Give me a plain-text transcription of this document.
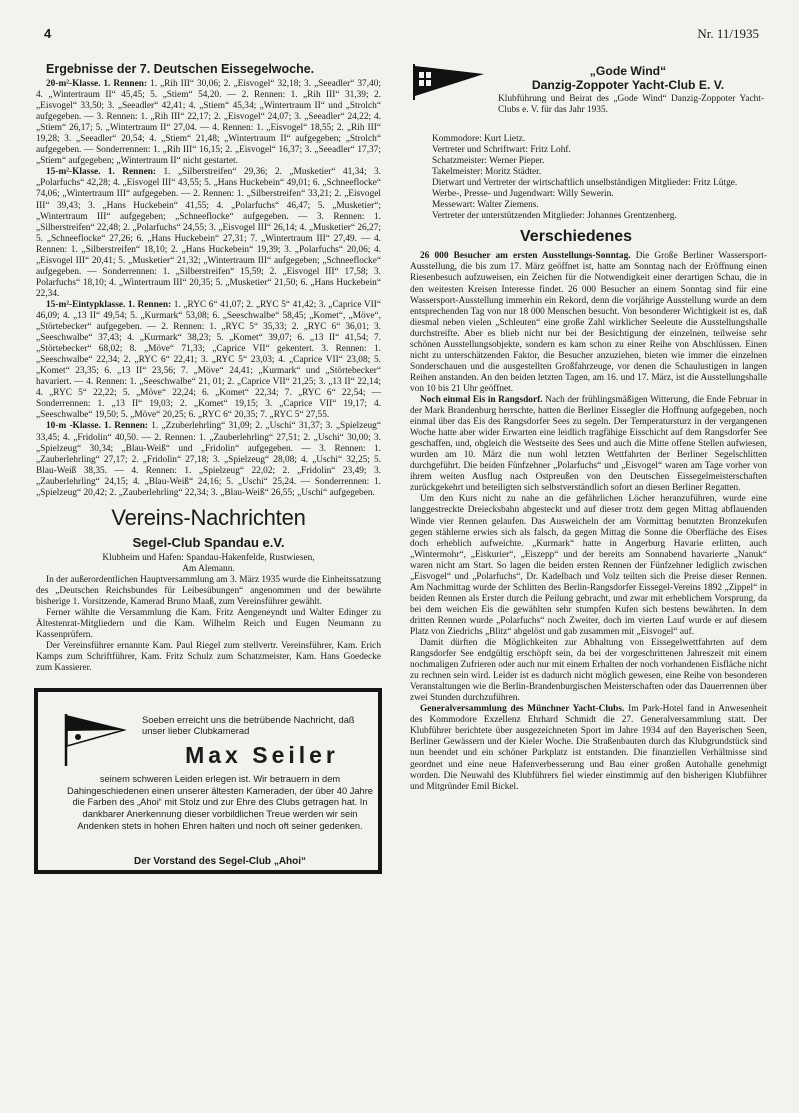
4	Nr. 11/1935
Ergebnisse der 7. Deutschen Eissegelwoche.

20-m²-Klasse. 1. Rennen: 1. „Rih III“ 30,06; 2. „Eisvogel“ 32,18; 3. „Seeadler“ 37,40; 4. „Wintertraum II“ 45,45; 5. „Stiem“ 54,20. — 2. Rennen: 1. „Rih III“ 31,39; 2. „Eisvogel“ 33,50; 3. „Seeadler“ 42,41; 4. „Stiem“ 45,34; „Wintertraum II“ und „Strolch“ aufgegeben. — 3. Rennen: 1. „Rih III“ 22,17; 2. „Eisvogel“ 24,07; 3. „Seeadler“ 24,22; 4. „Stiem“ 26,17; 5. „Wintertraum II“ 27,04. — 4. Rennen: 1. „Eisvogel“ 18,55; 2. „Rih III“ 19,28; 3. „Seeadler“ 20,54; 4. „Stiem“ 21,48; „Wintertraum II“ aufgegeben; „Strolch“ aufgegeben. — Sonderrennen: 1. „Rih III“ 16,15; 2. „Eisvogel“ 16,37; 3. „Seeadler“ 17,37; „Stiem“ aufgegeben; „Wintertraum II“ nicht gestartet.

15-m²-Klasse. 1. Rennen: 1. „Silberstreifen“ 29,36; 2. „Musketier“ 41,34; 3. „Polarfuchs“ 42,28; 4. „Eisvogel III“ 43,55; 5. „Hans Huckebein“ 49,01; 6. „Schneeflocke“ 74,06; „Wintertraum III“ aufgegeben. — 2. Rennen: 1. „Silberstreifen“ 33,21; 2. „Eisvogel III“ 39,43; 3. „Hans Huckebein“ 41,55; 4. „Polarfuchs“ 46,47; 5. „Musketier“; „Wintertraum III“ aufgegeben; „Schneeflocke“ aufgegeben. — 3. Rennen: 1. „Silberstreifen“ 22,48; 2. „Polarfuchs“ 24,55; 3. „Eisvogel III“ 26,14; 4. „Musketier“ 26,27; 5. „Schneeflocke“ 27,26; 6. „Hans Huckebein“ 27,31; 7. „Wintertraum III“ 27,49. — 4. Rennen: 1. „Silberstreifen“ 18,10; 2. „Hans Huckebein“ 19,39; 3. „Polarfuchs“ 20,06; 4. „Eisvogel III“ 20,41; 5. „Musketier“ 21,32; „Wintertraum III“ aufgegeben; „Schneeflocke“ aufgegeben. — Sonderrennen: 1. „Silberstreifen“ 15,59; 2. „Eisvogel III“ 17,58; 3. Polarfuchs“ 18,10; 4. „Wintertraum III“ 20,35; 5. „Musketier“ 21,50; 6. „Hans Huckebein“ 22,34.

15-m²-Eintypklasse. 1. Rennen: 1. „RYC 6“ 41,07; 2. „RYC 5“ 41,42; 3. „Caprice VII“ 46,09; 4. „13 II“ 49,54; 5. „Kurmark“ 53,08; 6. „Seeschwalbe“ 58,45; „Komet“, „Möve“, „Störtebecker“ aufgegeben. — 2. Rennen: 1. „RYC 5“ 35,33; 2. „RYC 6“ 36,01; 3. „Seeschwalbe“ 37,43; 4. „Kurmark“ 38,23; 5. „Komet“ 39,07; 6. „13 II“ 41,54; 7. „Störtebecker“ 68,02; 8. „Möve“ 71,33; „Caprice VII“ gekentert. 3. Rennen: 1. „Seeschwalbe“ 22,34; 2. „RYC 6“ 22,41; 3. „RYC 5“ 23,03; 4. „Caprice VII“ 23,08; 5. „Komet“ 23,35; 6. „13 II“ 23,56; 7. „Möve“ 24,41; „Kurmark“ und „Störtebecker“ havariert. — 4. Rennen: 1. „Seeschwalbe“ 21, 01; 2. „Caprice VII“ 21,25; 3. „13 II“ 22,14; 4. „RYC 5“ 22,22; 5. „Möve“ 22,24; 6. „Komet“ 22,34; 7. „RYC 6“ 22,54; — Sonderrennen: 1. „13 II“ 19,03; 2. „Komet“ 19,15; 3. „Caprice VII“ 19,17; 4. „Seeschwalbe“ 19,50; 5. „Möve“ 20,25; 6. „RYC 6“ 20,35; 7. „RYC 5“ 27,55.

10-m -Klasse. 1. Rennen: 1. „Zzuberlehrling“ 31,09; 2. „Uschi“ 31,37; 3. „Spielzeug“ 33,45; 4. „Fridolin“ 40,50. — 2. Rennen: 1. „Zauberlehrling“ 27,51; 2. „Uschi“ 30,00; 3. „Spielzeug“ 30,34; „Blau-Weiß“ und „Fridolin“ aufgegeben. — 3. Rennen: 1. „Zauberlehrling“ 27,17; 2. „Fridolin“ 27,18; 3. „Spielzeug“ 28,08; 4. „Uschi“ 32,25; 5. Blau-Weiß 38,35. — 4. Rennen: 1. „Spielzeug“ 22,02; 2. „Fridolin“ 23,49; 3. „Zauberlehrling“ 24,15; 4. „Blau-Weiß“ 24,16; 5. „Uschi“ 25,24. — Sonderrennen: 1. „Spielzeug“ 20,42; 2. „Zauberlehrling“ 22,34; 3. „Blau-Weiß“ 26,55; „Uschi“ aufgegeben.

Vereins-Nachrichten
Segel-Club Spandau e.V.

Klubheim und Hafen: Spandau-Hakenfelde, Rustwiesen,

Am Alemann.

In der außerordentlichen Hauptversammlung am 3. März 1935 wurde die Einheitssatzung des „Deutschen Reichsbundes für Leibesübungen“ angenommen und der bewährte bisherige 1. Vorsitzende, Kamerad Bruno Maaß, zum Vereinsführer gewählt.

Ferner wählte die Versammlung die Kam. Fritz Aengeneyndt und Walter Edinger zu Ältestenrat-Mitgliedern und die Kam. Wilhelm Reich und Eugen Neumann zu Kassenprüfern.

Der Vereinsführer ernannte Kam. Paul Riegel zum stellvertr. Vereinsführer, Kam. Erich Kamps zum Schriftführer, Kam. Fritz Schulz zum Schatzmeister, Kam. Hans Goedecke zum Kassierer.

Soeben erreicht uns die betrübende Nachricht, daß unser lieber Clubkamerad
Max Seiler
seinem schweren Leiden erlegen ist. Wir betrauern in dem Dahingeschiedenen einen unserer ältesten Kameraden, der über 40 Jahre die Farben des „Ahoi“ mit Stolz und zur Ehre des Clubs getragen hat. In dankbarer Anerkennung dieser vorbildlichen Treue werden wir sein Andenken stets in hohen Ehren halten und noch oft seiner gedenken.
Der Vorstand des Segel-Club „Ahoi“
„Gode Wind“
Danzig-Zoppoter Yacht-Club E. V.

Klubführung und Beirat des „Gode Wind“ Danzig-Zoppoter Yacht-Clubs e. V. für das Jahr 1935.

Kommodore: Kurt Lietz.

Vertreter und Schriftwart: Fritz Lohf.

Schatzmeister: Werner Pieper.

Takelmeister: Moritz Städter.

Dietwart und Vertreter der wirtschaftlich unselbständigen Mitglieder: Fritz Lütge.

Werbe-, Presse- und Jugendwart: Willy Sewerin.

Messewart: Walter Ziemens.

Vertreter der unterstützenden Mitglieder: Johannes Grentzenberg.

Verschiedenes

26 000 Besucher am ersten Ausstellungs-Sonntag. Die Große Berliner Wassersport-Ausstellung, die bis zum 17. März geöffnet ist, hatte am Sonntag nach der Eröffnung einen Riesenbesuch aufzuweisen, ein Zeichen für die Notwendigkeit einer derartigen Schau, die in den weitesten Kreisen Interesse findet. 26 000 Besucher an einem Sonntag sind für eine Wassersport-Ausstellung immerhin ein Rekord, denn die vorjährige Ausstellung wurde an dem entsprechenden Tag von nur 18 000 Menschen besucht. Von besonderer Wichtigkeit ist es, daß diesmal neben vielen „Schleuten“ eine große Zahl wirklicher Seeleute die Ausstellungshalle durchstreifte. Aber es blieb nicht nur bei der Besichtigung der einzelnen, teilweise sehr schönen Ausstellungsobjekte, sondern es kam schon zu einer Reihe von Abschlüssen. Einen nicht zu unterschätzenden Faktor, die Besucher anzuziehen, bieten wie immer die einzelnen Sonderschauen und die ausgestellten Großfahrzeuge, vor denen die Schaulustigen in langen Reihen anstanden. An den beiden letzten Tagen, am 16. und 17. März, ist die Ausstellungshalle von 10 bis 21 Uhr geöffnet.

Noch einmal Eis in Rangsdorf. Nach der frühlingsmäßigen Witterung, die Ende Februar in der Mark Brandenburg herrschte, hatten die Berliner Eissegler die Hoffnung aufgegeben, noch einmal über das Eis des Rangsdorfer Sees zu segeln. Der Temperatursturz in der vergangenen Woche hatte aber wider Erwarten eine leidlich tragfähige Eisschicht auf dem Rangsdorfer See geschaffen, und, obgleich die Westseite des Sees und auch die Mitte offene Stellen aufwiesen, wurden am 10. März die nun wohl letzten Wettfahrten der Berliner Segelschlitten durchgeführt. Die beiden Fünfzehner „Polarfuchs“ und „Eisvogel“ waren am Tage vorher von ihrem weiten Ausflug nach Ostpreußen von den Deutschen Eissegelmeisterschaften zurückgekehrt und beteiligten sich selbstverständlich sofort an diesen Berliner Regatten.

Um den Kurs nicht zu nahe an die gefährlichen Löcher heranzuführen, wurde eine langgestreckte Dreiecksbahn abgesteckt und auf dieser trotz dem gegen Mittag abflauenden Winde vier Rennen gelaufen. Das Ausweicheln der am Vormittag benutzten Bronzekufen gegen stählerne erwies sich als falsch, da gegen Mittag die Sonne die Oberfläche des Eises doch erheblich aufweichte. „Kurmark“ hatte in Angerburg Havarie erlitten, auch „Wintermohr“, „Eiskurier“, „Eiszepp“ und der bereits am Sonnabend havarierte „Nanuk“ waren nicht am Start. So lagen die beiden ersten Rennen der Fünfzehner lediglich zwischen „Eisvogel“ und „Polarfuchs“, Dr. Kadelbach und Volz teilten sich die Preise dieser Rennen. Am Nachmittag wurde der Schlitten des Berlin-Rangsdorfer Eissegel-Vereins 1892 „Zippel“ in beiden Rennen als Erster durch die Peilung gebracht, und zwar mit erheblichem Vorsprung, da bei dem weichen Eis die gewählten sehr stumpfen Kufen sich bestens bewährten. In dem dritten Rennen wurde „Polarfuchs“ noch Zweiter, doch im vierten Lauf wurde er auf diesem Platz von Ziedrichs „Blitz“ abgelöst und gab zusammen mit „Eisvogel“ auf.

Damit dürften die Möglichkeiten zur Abhaltung von Eissegelwettfahrten auf dem Rangsdorfer See endgültig erschöpft sein, da bei der vorgeschrittenen Jahreszeit mit einem nochmaligen Zufrieren oder auch nur mit einem Erhalten der noch vorhandenen Eisfläche nicht zu rechnen sein wird. Leider ist es dadurch nicht möglich gewesen, eine Reihe von besonderen Veranstaltungen wie die Berlin-Brandenburgischen Meisterschaften oder das Dauerrennen über zwei Stunden durchzuführen.

Generalversammlung des Münchner Yacht-Clubs. Im Park-Hotel fand in Anwesenheit des Kommodore Exzellenz Ehrhard Schmidt die 27. Generalversammlung statt. Der Klubführer berichtete über ausgezeichneten Sport im Jahre 1934 auf den Bayerischen Seen, Berliner Gewässern und der Kieler Woche. Die Straßenbauten durch das Klubgrundstück sind nun beendet und ein schöner Parkplatz ist entstanden. Die finanziellen Verhältnisse sind geordnet und eine neue Hafenverbesserung und Bau einer großen Autohalle genehmigt worden. Die Neuwahl des Klubführers fiel wieder einstimmig auf den bisherigen Klubführer und Mitgründer Emil Bickel.
